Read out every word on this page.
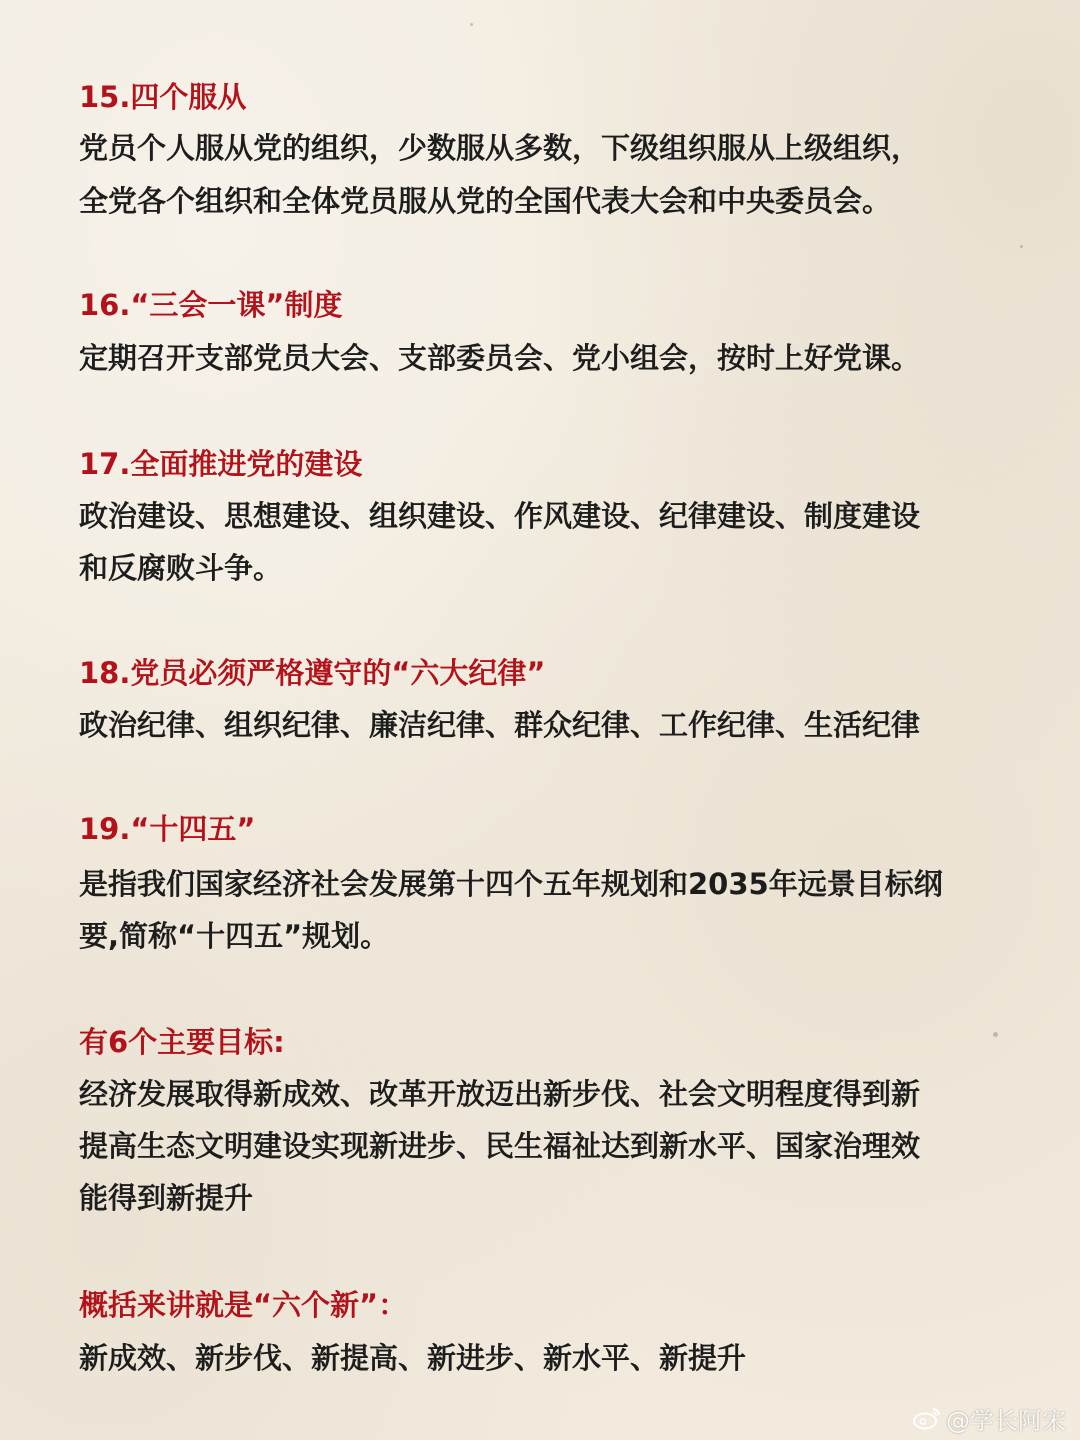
15.四个服从

党员个人服从党的组织，少数服从多数，下级组织服从上级组织，

全党各个组织和全体党员服从党的全国代表大会和中央委员会。

16.“三会一课”制度

定期召开支部党员大会、支部委员会、党小组会，按时上好党课。

17.全面推进党的建设

政治建设、思想建设、组织建设、作风建设、纪律建设、制度建设

和反腐败斗争。

18.党员必须严格遵守的“六大纪律”

政治纪律、组织纪律、廉洁纪律、群众纪律、工作纪律、生活纪律

19.“十四五”

是指我们国家经济社会发展第十四个五年规划和2035年远景目标纲

要,简称“十四五”规划。

有6个主要目标:

经济发展取得新成效、改革开放迈出新步伐、社会文明程度得到新

提高生态文明建设实现新进步、民生福祉达到新水平、国家治理效

能得到新提升

概括来讲就是“六个新”：

新成效、新步伐、新提高、新进步、新水平、新提升

@学长阿宋
